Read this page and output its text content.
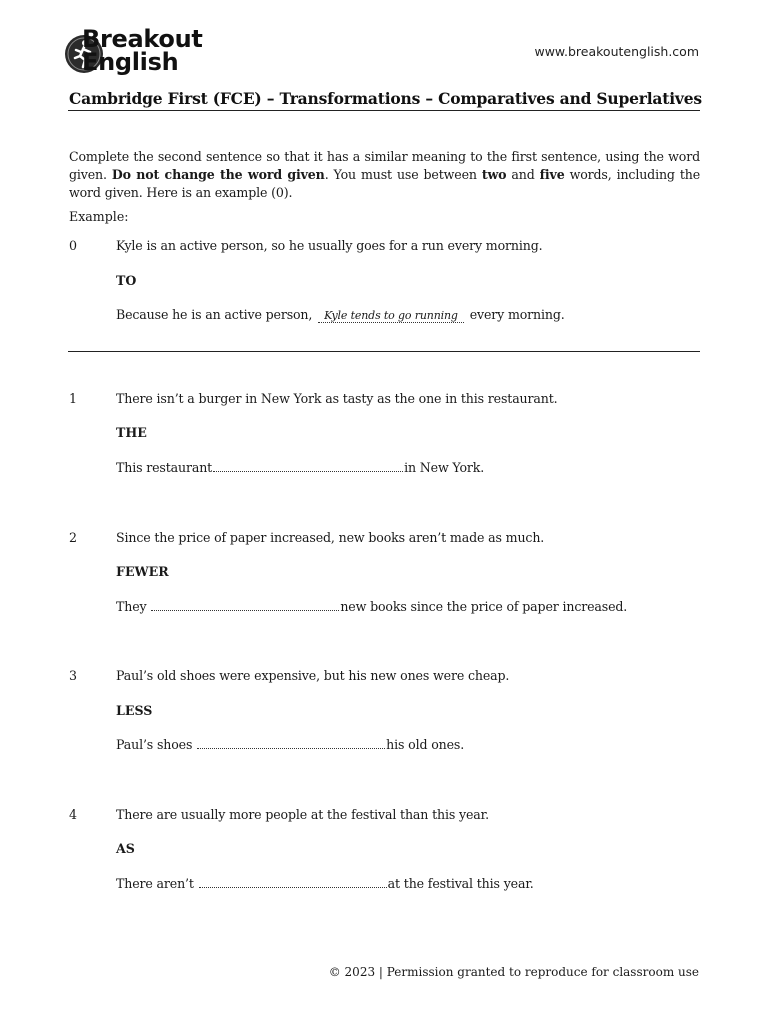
Breakout
English	www.breakoutenglish.com
Cambridge First (FCE) – Transformations – Comparatives and Superlatives
Complete the second sentence so that it has a similar meaning to the first sentence, using the word given. Do not change the word given. You must use between two and five words, including the word given. Here is an example (0).
Example:
0	Kyle is an active person, so he usually goes for a run every morning.
TO
Because he is an active person, Kyle tends to go running every morning.
1	There isn’t a burger in New York as tasty as the one in this restaurant.
THE
This restaurant	in New York.
2	Since the price of paper increased, new books aren’t made as much.
FEWER
They	new books since the price of paper increased.
3	Paul’s old shoes were expensive, but his new ones were cheap.
LESS
Paul’s shoes	his old ones.
4	There are usually more people at the festival than this year.
AS
There aren’t	at the festival this year.
© 2023 | Permission granted to reproduce for classroom use
